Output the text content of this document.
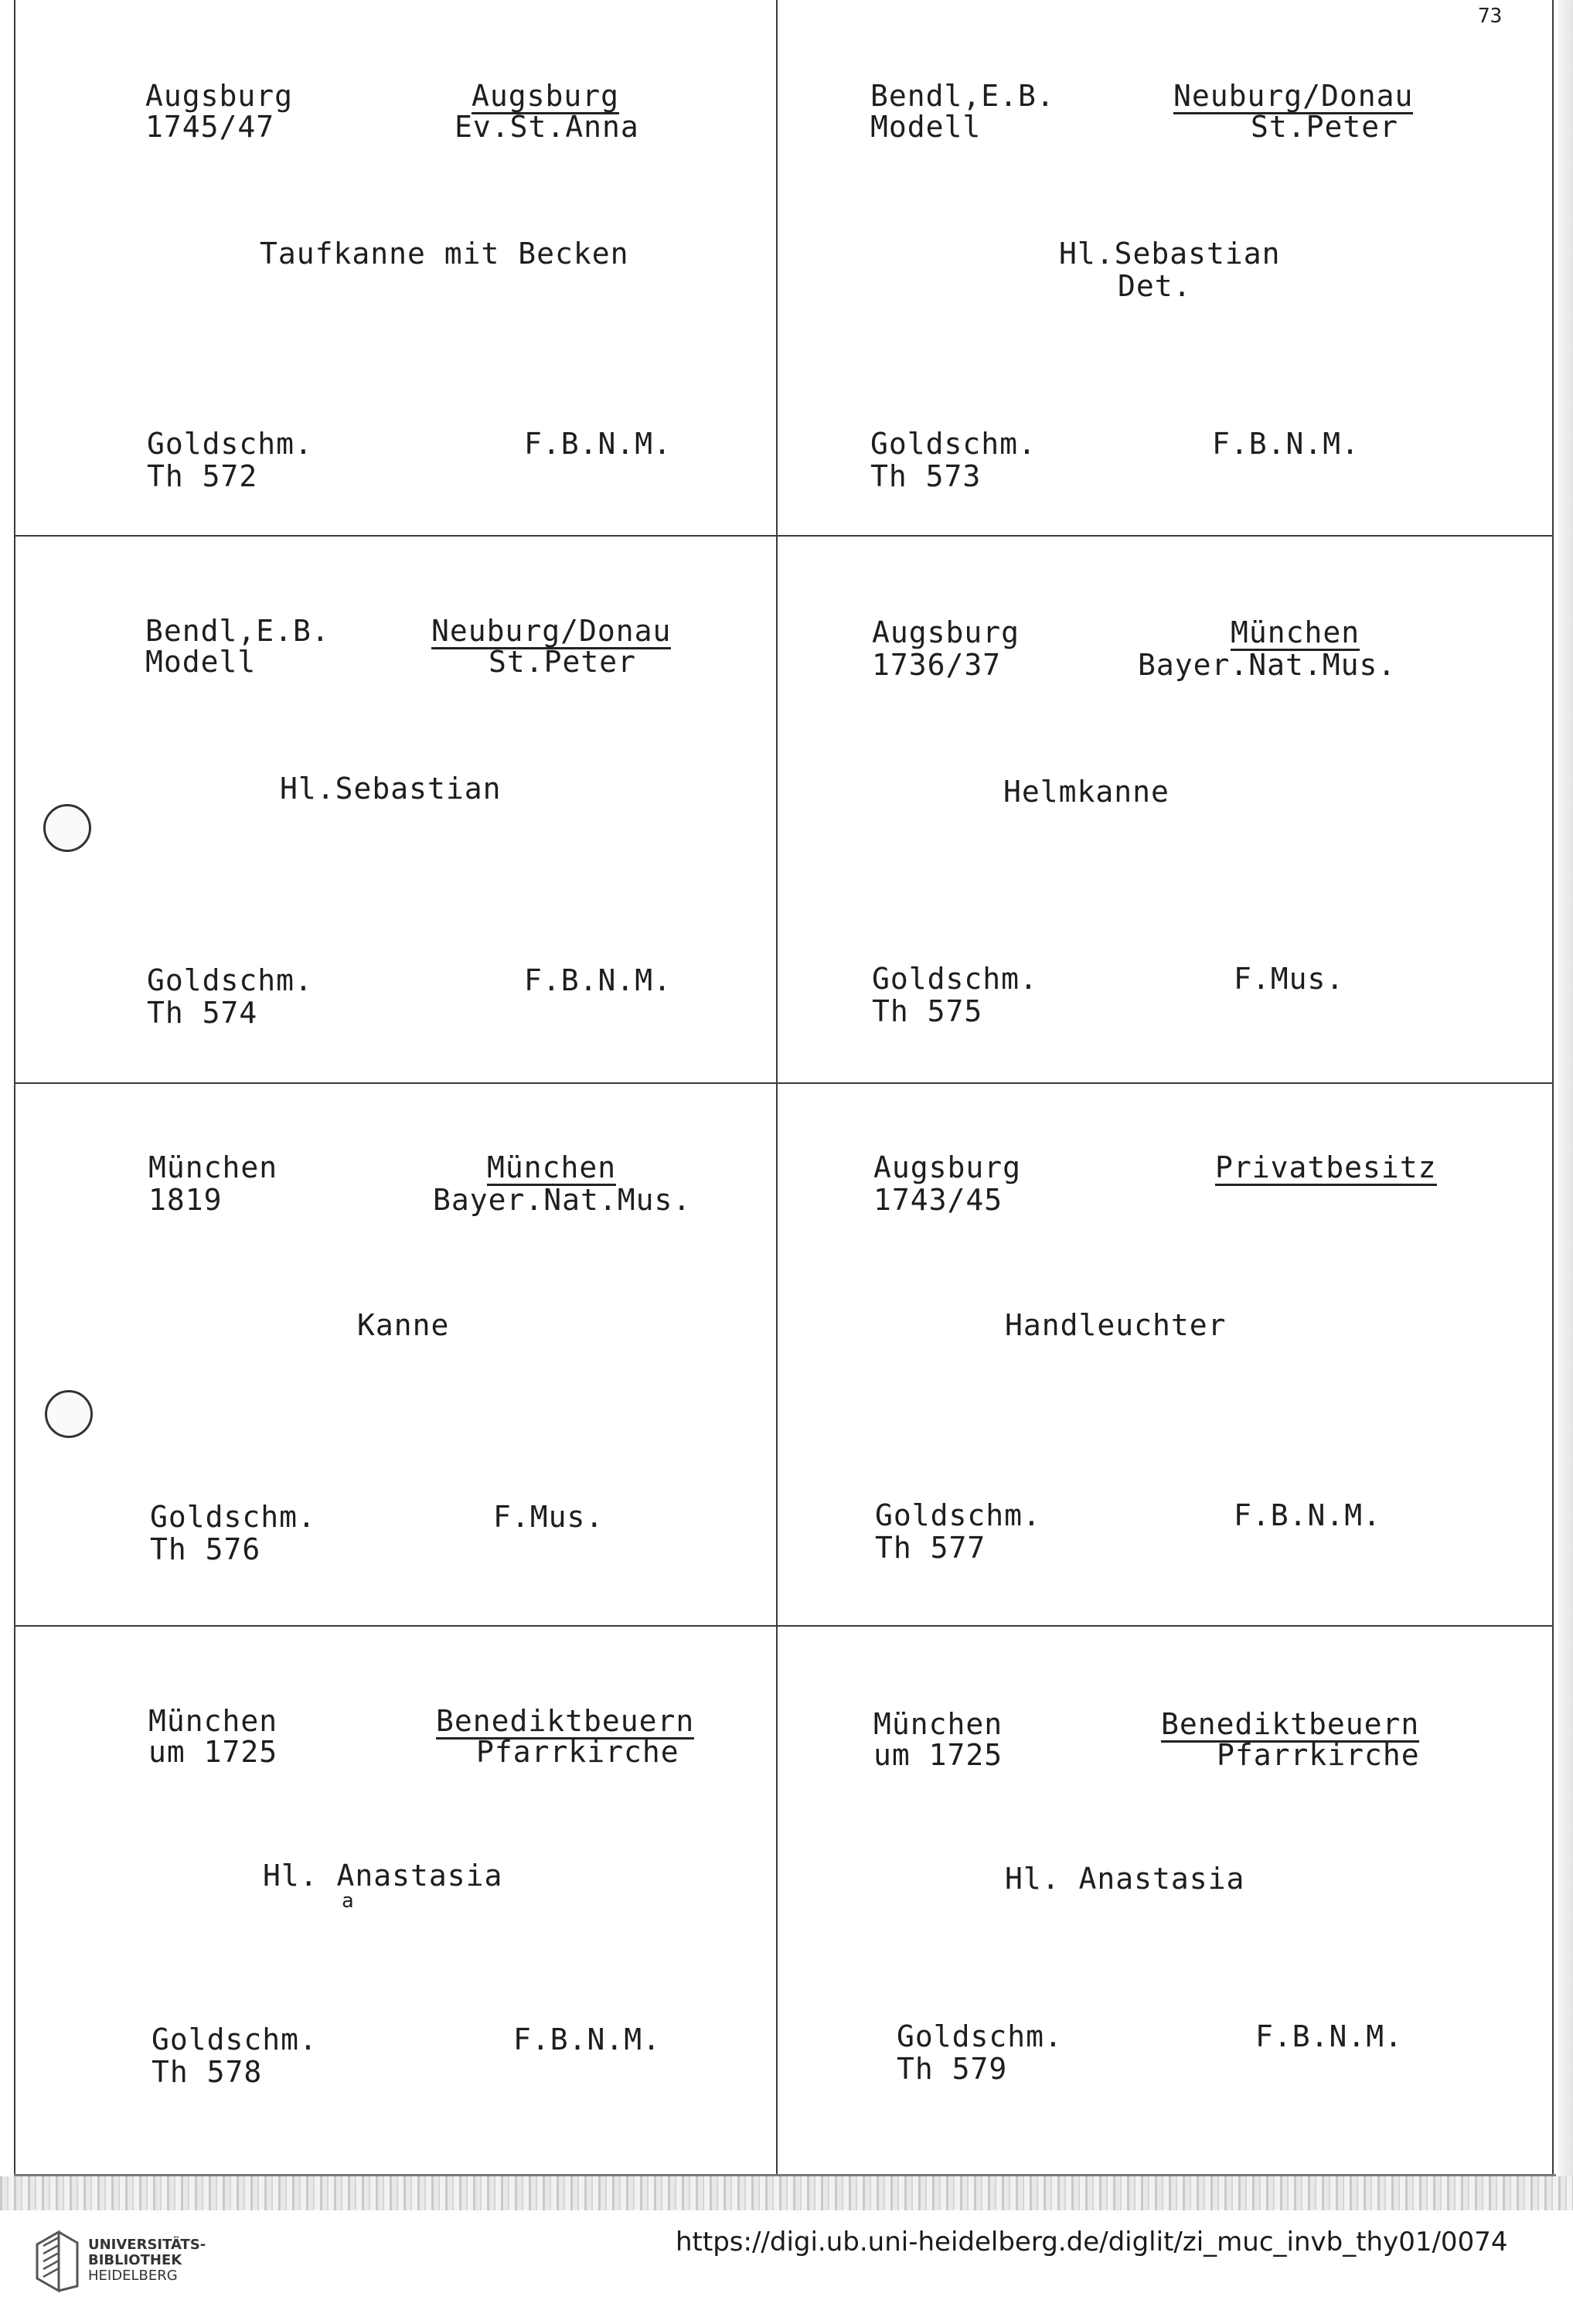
73
Augsburg
1745/47
Augsburg
Ev.St.Anna
Taufkanne mit Becken
Goldschm.
Th 572
F.B.N.M.
Bendl,E.B.
Modell
Neuburg/Donau
St.Peter
Hl.Sebastian
Det.
Goldschm.
Th 573
F.B.N.M.
Bendl,E.B.
Modell
Neuburg/Donau
St.Peter
Hl.Sebastian
Goldschm.
Th 574
F.B.N.M.
Augsburg
1736/37
München
Bayer.Nat.Mus.
Helmkanne
Goldschm.
Th 575
F.Mus.
München
1819
München
Bayer.Nat.Mus.
Kanne
Goldschm.
Th 576
F.Mus.
Augsburg
1743/45
Privatbesitz
Handleuchter
Goldschm.
Th 577
F.B.N.M.
München
um 1725
Benediktbeuern
Pfarrkirche
Hl. Anastasia
a
Goldschm.
Th 578
F.B.N.M.
München
um 1725
Benediktbeuern
Pfarrkirche
Hl. Anastasia
Goldschm.
Th 579
F.B.N.M.
UNIVERSITÄTS-
BIBLIOTHEK
HEIDELBERG
https://digi.ub.uni-heidelberg.de/diglit/zi_muc_invb_thy01/0074
